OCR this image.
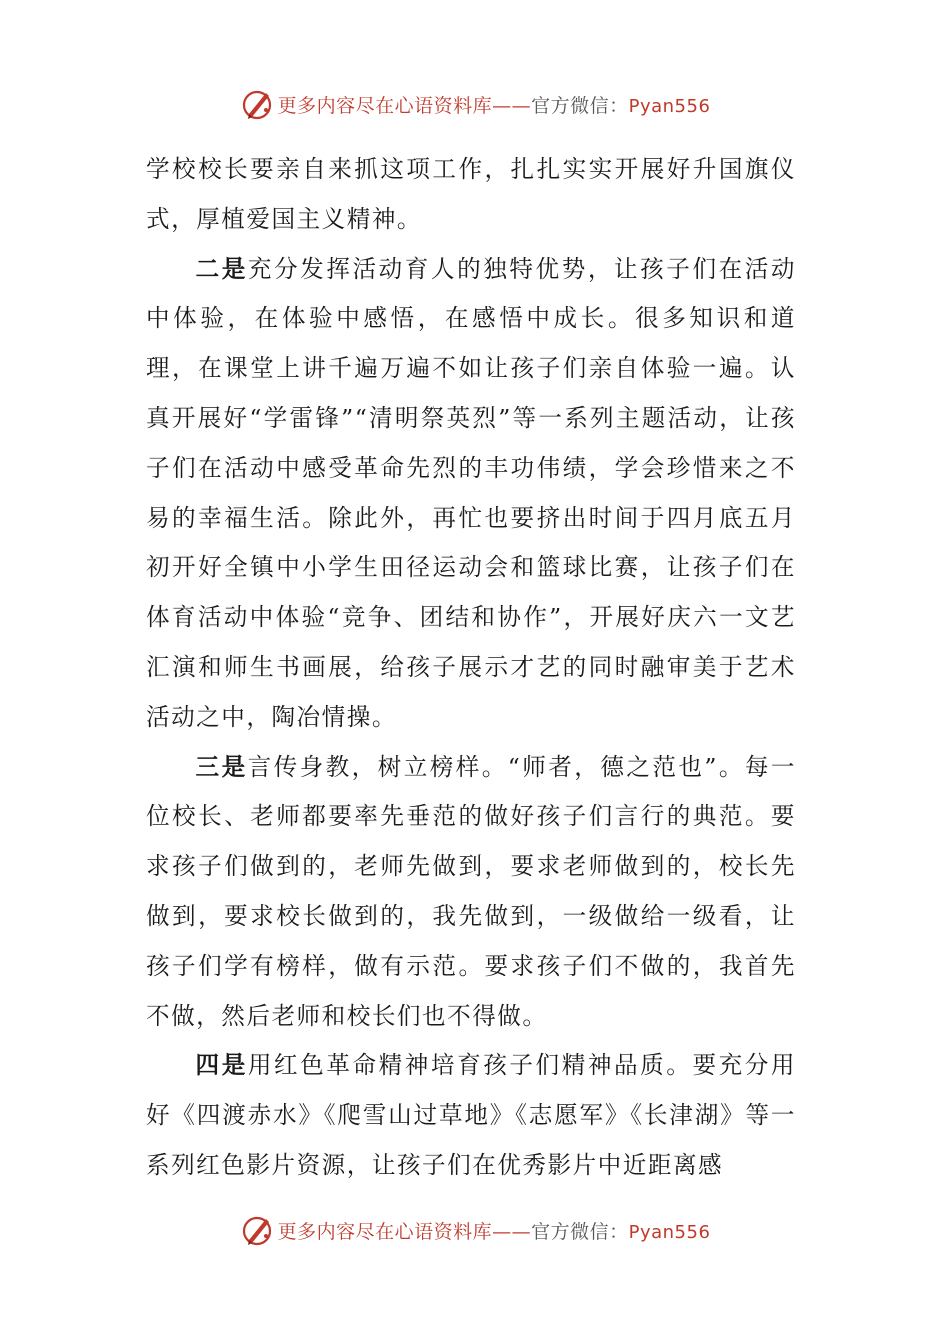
更多内容尽在心语资料库——官方微信：Pyan556

学校校长要亲自来抓这项工作，扎扎实实开展好升国旗仪式，厚植爱国主义精神。

二是充分发挥活动育人的独特优势，让孩子们在活动中体验，在体验中感悟，在感悟中成长。很多知识和道理，在课堂上讲千遍万遍不如让孩子们亲自体验一遍。认真开展好“学雷锋”“清明祭英烈”等一系列主题活动，让孩子们在活动中感受革命先烈的丰功伟绩，学会珍惜来之不易的幸福生活。除此外，再忙也要挤出时间于四月底五月初开好全镇中小学生田径运动会和篮球比赛，让孩子们在体育活动中体验“竞争、团结和协作”，开展好庆六一文艺汇演和师生书画展，给孩子展示才艺的同时融审美于艺术活动之中，陶冶情操。

三是言传身教，树立榜样。“师者，德之范也”。每一位校长、老师都要率先垂范的做好孩子们言行的典范。要求孩子们做到的，老师先做到，要求老师做到的，校长先做到，要求校长做到的，我先做到，一级做给一级看，让孩子们学有榜样，做有示范。要求孩子们不做的，我首先不做，然后老师和校长们也不得做。

四是用红色革命精神培育孩子们精神品质。要充分用好《四渡赤水》《爬雪山过草地》《志愿军》《长津湖》等一系列红色影片资源，让孩子们在优秀影片中近距离感

更多内容尽在心语资料库——官方微信：Pyan556
